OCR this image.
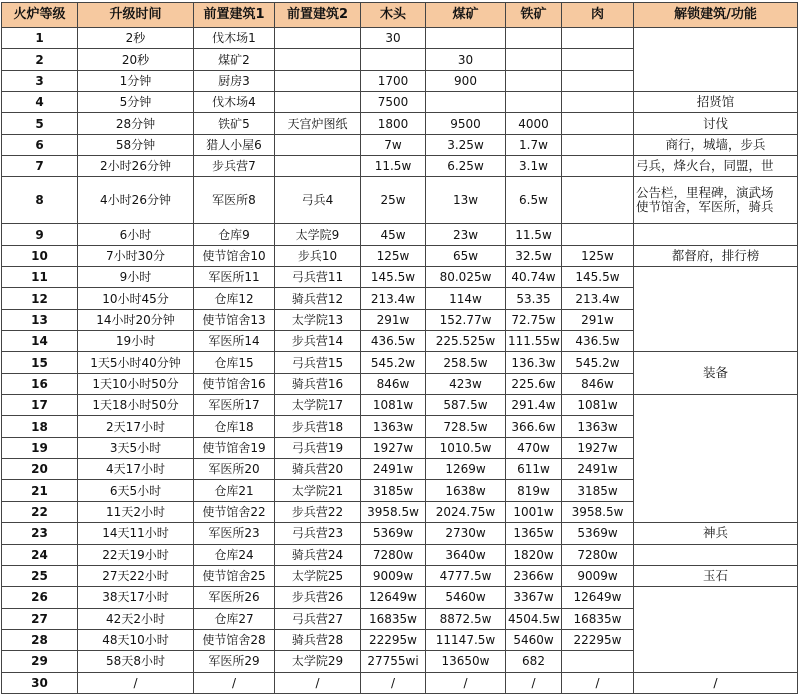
火炉等级	升级时间	前置建筑1	前置建筑2	木头	煤矿	铁矿	肉	解锁建筑/功能
1	2秒	伐木场1		30				
2	20秒	煤矿2			30			
3	1分钟	厨房3		1700	900			
4	5分钟	伐木场4		7500				招贤馆
5	28分钟	铁矿5	天宫炉图纸	1800	9500	4000		讨伐
6	58分钟	猎人小屋6		7w	3.25w	1.7w		商行，城墙，步兵
7	2小时26分钟	步兵营7		11.5w	6.25w	3.1w		弓兵，烽火台，同盟，世
8	4小时26分钟	军医所8	弓兵4	25w	13w	6.5w		公告栏，里程碑，演武场
使节馆舍，军医所，骑兵

9	6小时	仓库9	太学院9	45w	23w	11.5w		
10	7小时30分	使节馆舍10	步兵10	125w	65w	32.5w	125w	都督府，排行榜
11	9小时	军医所11	弓兵营11	145.5w	80.025w	40.74w	145.5w	
12	10小时45分	仓库12	骑兵营12	213.4w	114w	53.35	213.4w	
13	14小时20分钟	使节馆舍13	太学院13	291w	152.77w	72.75w	291w	
14	19小时	军医所14	步兵营14	436.5w	225.525w	111.55w	436.5w	
15	1天5小时40分钟	仓库15	弓兵营15	545.2w	258.5w	136.3w	545.2w	装备
16	1天10小时50分	使节馆舍16	骑兵营16	846w	423w	225.6w	846w	
17	1天18小时50分	军医所17	太学院17	1081w	587.5w	291.4w	1081w	
18	2天17小时	仓库18	步兵营18	1363w	728.5w	366.6w	1363w	
19	3天5小时	使节馆舍19	弓兵营19	1927w	1010.5w	470w	1927w	
20	4天17小时	军医所20	骑兵营20	2491w	1269w	611w	2491w	
21	6天5小时	仓库21	太学院21	3185w	1638w	819w	3185w	
22	11天2小时	使节馆舍22	步兵营22	3958.5w	2024.75w	1001w	3958.5w	
23	14天11小时	军医所23	弓兵营23	5369w	2730w	1365w	5369w	神兵
24	22天19小时	仓库24	骑兵营24	7280w	3640w	1820w	7280w	
25	27天22小时	使节馆舍25	太学院25	9009w	4777.5w	2366w	9009w	玉石
26	38天17小时	军医所26	步兵营26	12649w	5460w	3367w	12649w	
27	42天2小时	仓库27	弓兵营27	16835w	8872.5w	4504.5w	16835w	
28	48天10小时	使节馆舍28	骑兵营28	22295w	11147.5w	5460w	22295w	
29	58天8小时	军医所29	太学院29	27755wi	13650w	682		
30	/	/	/	/	/	/	/	/
